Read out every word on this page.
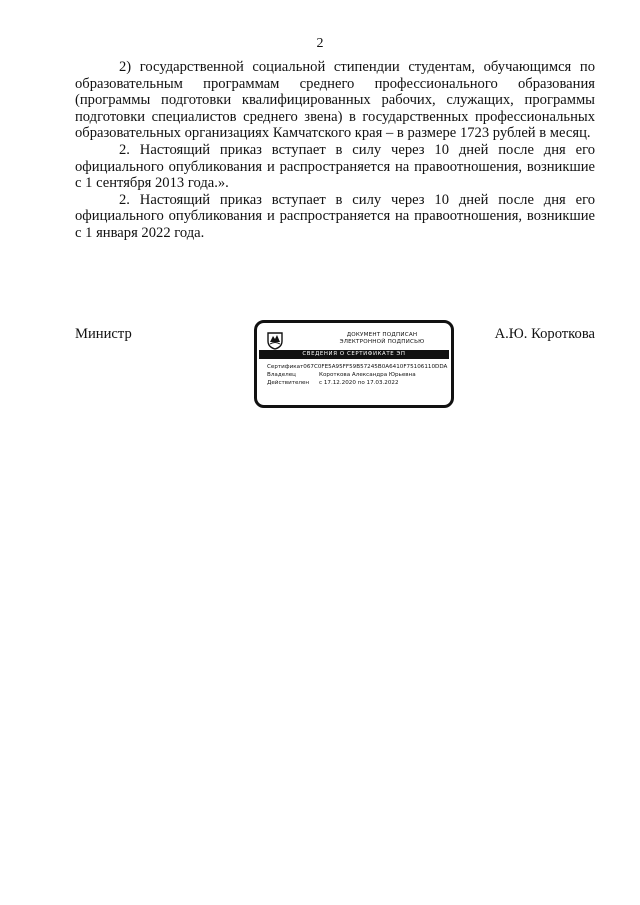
2

2) государственной социальной стипендии студентам, обучающимся по образовательным программам среднего профессионального образования (программы подготовки квалифицированных рабочих, служащих, программы подготовки специалистов среднего звена) в государственных профессиональных образовательных организациях Камчатского края – в размере 1723 рублей в месяц.

2. Настоящий приказ вступает в силу через 10 дней после дня его официального опубликования и распространяется на правоотношения, возникшие с 1 сентября 2013 года.».

2. Настоящий приказ вступает в силу через 10 дней после дня его официального опубликования и распространяется на правоотношения, возникшие с 1 января 2022 года.

Министр	ДОКУМЕНТ ПОДПИСАН
ЭЛЕКТРОННОЙ ПОДПИСЬЮ
СВЕДЕНИЯ О СЕРТИФИКАТЕ ЭП
Сертификат 067C0FE5A95FF59B57245B0A6410F75106110DDA
Владелец	Короткова Александра Юрьевна
Действителен	с 17.12.2020 по 17.03.2022
А.Ю. Короткова
